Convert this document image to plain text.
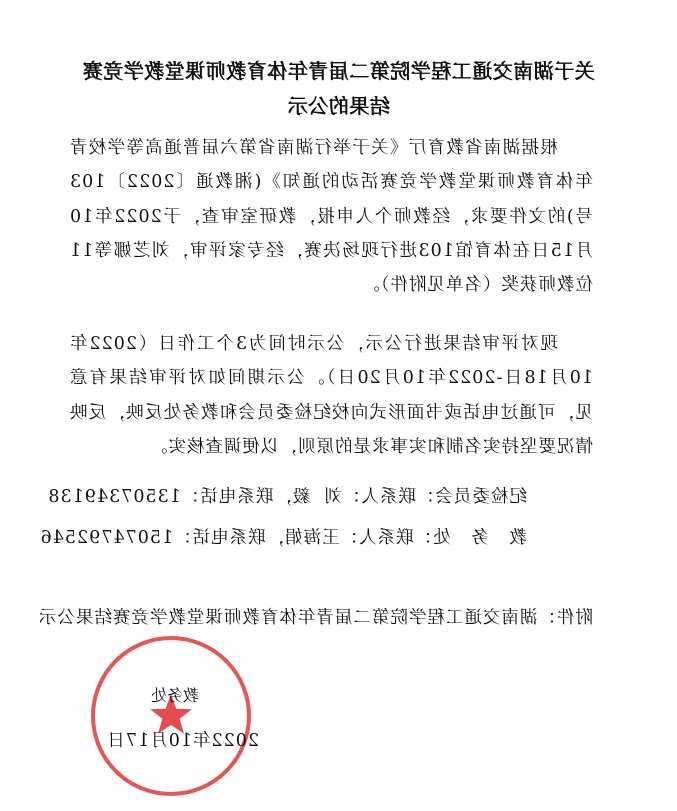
关于湖南交通工程学院第二届青年体育教师课堂教学竞赛
结果的公示

根据湖南省教育厅《关于举行湖南省第六届普通高等学校青年体育教师课堂教学竞赛活动的通知》(湘教通〔2022〕103号)的文件要求，经教师个人申报，教研室审查，于2022年10月15日在体育馆103进行现场决赛，经专家评审，刘芝娜等11位教师获奖（名单见附件）。

现对评审结果进行公示，公示时间为3个工作日（2022年10月18日-2022年10月20日）。公示期间如对评审结果有意见，可通过电话或书面形式向校纪检委员会和教务处反映，反映情况要坚持实名制和实事求是的原则，以便调查核实。

纪检委员会：联系人：刘  毅，联系电话：13507349138
教   务   处：联系人：王海娟，联系电话：15074792546
附件：湖南交通工程学院第二届青年体育教师课堂教学竞赛结果公示
教务处
2022年10月17日
